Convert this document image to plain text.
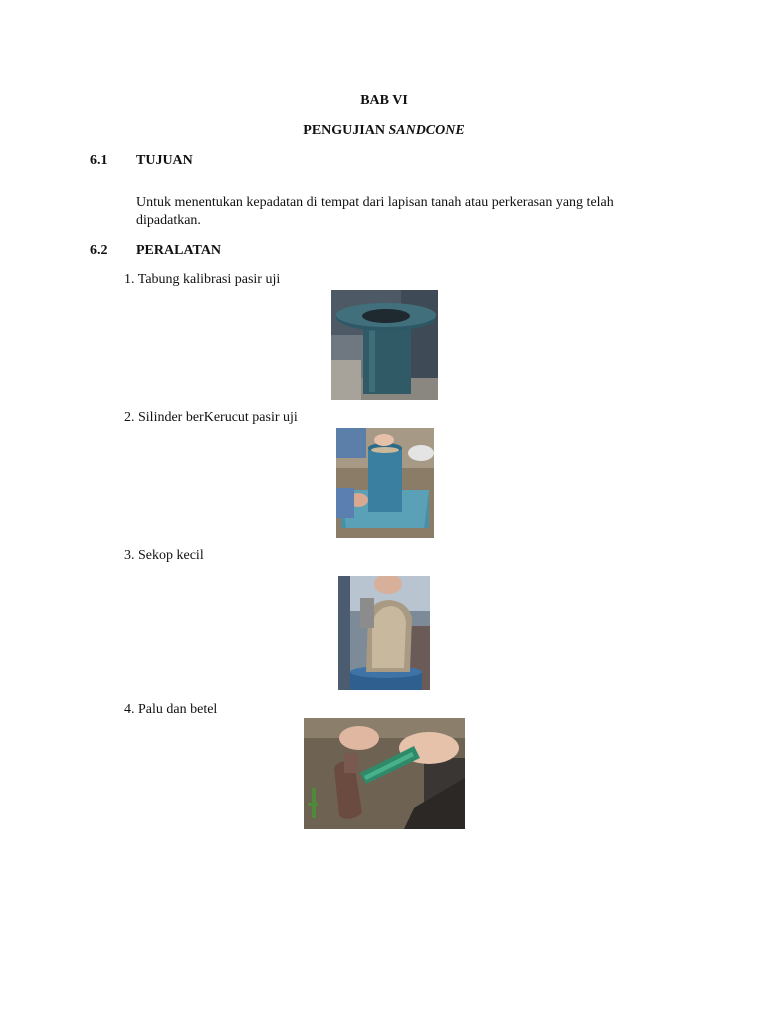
BAB VI
PENGUJIAN SANDCONE
6.1 TUJUAN
Untuk menentukan kepadatan di tempat dari lapisan tanah atau perkerasan yang telah dipadatkan.
6.2 PERALATAN
1. Tabung kalibrasi pasir uji
2. Silinder berKerucut pasir uji
3. Sekop kecil
4. Palu dan betel
